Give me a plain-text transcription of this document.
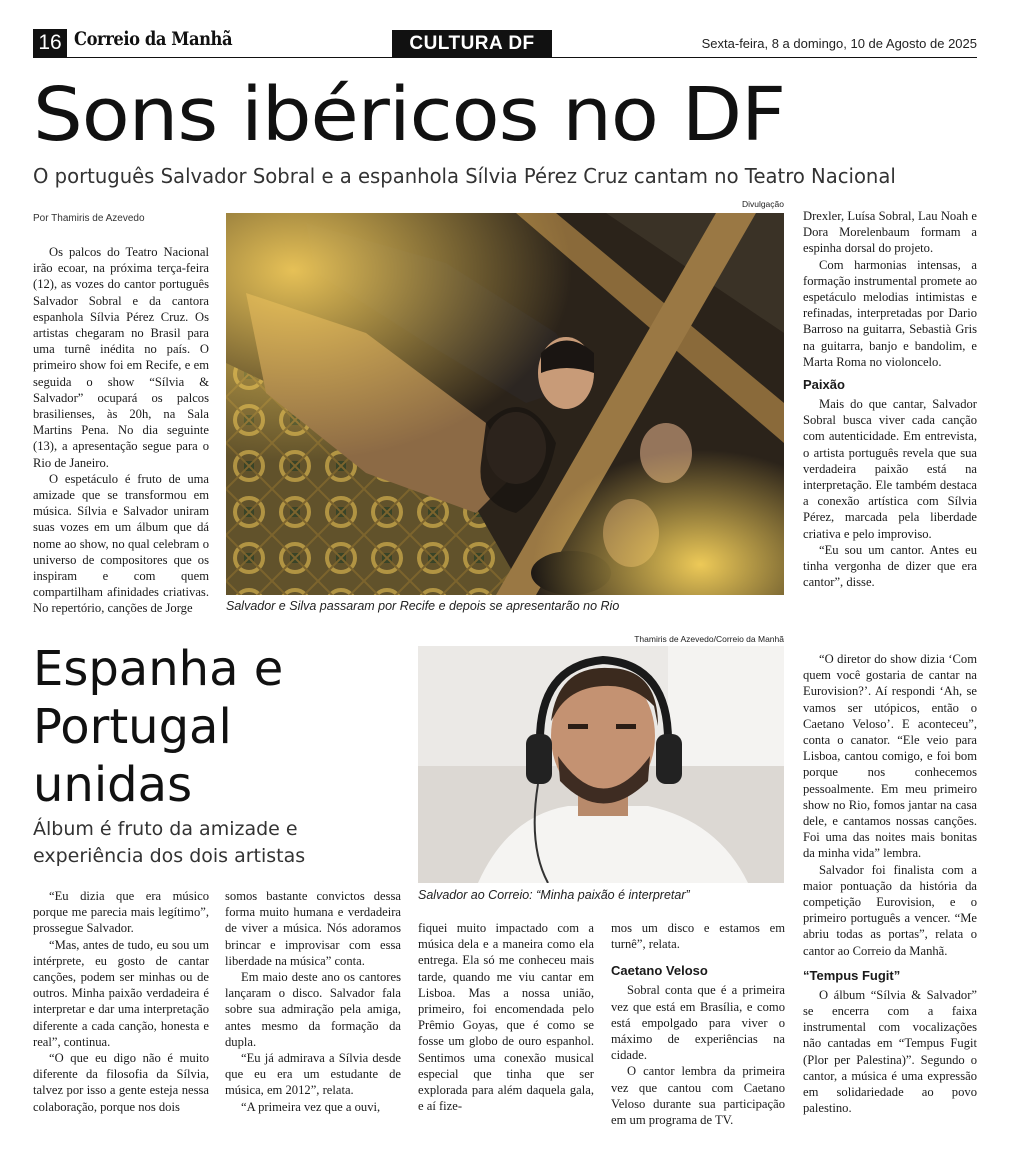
16 Correio da Manhã	CULTURA DF	Sexta-feira, 8 a domingo, 10 de Agosto de 2025
Sons ibéricos no DF
O português Salvador Sobral e a espanhola Sílvia Pérez Cruz cantam no Teatro Nacional
Por Thamiris de Azevedo

Os palcos do Teatro Nacional irão ecoar, na próxima terça-feira (12), as vozes do cantor português Salvador Sobral e da cantora espanhola Sílvia Pérez Cruz. Os artistas chegaram no Brasil para uma turnê inédita no país. O primeiro show foi em Recife, e em seguida o show “Sílvia & Salvador” ocupará os palcos brasilienses, às 20h, na Sala Martins Pena. No dia seguinte (13), a apresentação segue para o Rio de Janeiro.

O espetáculo é fruto de uma amizade que se transformou em música. Sílvia e Salvador uniram suas vozes em um álbum que dá nome ao show, no qual celebram o universo de compositores que os inspiram e com quem compartilham afinidades criativas. No repertório, canções de Jorge

Divulgação
Salvador e Silva passaram por Recife e depois se apresentarão no Rio

Drexler, Luísa Sobral, Lau Noah e Dora Morelenbaum formam a espinha dorsal do projeto.

Com harmonias intensas, a formação instrumental promete ao espetáculo melodias intimistas e refinadas, interpretadas por Dario Barroso na guitarra, Sebastià Gris na guitarra, banjo e bandolim, e Marta Roma no violoncelo.

Paixão

Mais do que cantar, Salvador Sobral busca viver cada canção com autenticidade. Em entrevista, o artista português revela que sua verdadeira paixão está na interpretação. Ele também destaca a conexão artística com Sílvia Pérez, marcada pela liberdade criativa e pelo improviso.

“Eu sou um cantor. Antes eu tinha vergonha de dizer que era cantor”, disse.

Espanha e Portugal unidas
Álbum é fruto da amizade e experiência dos dois artistas
Thamiris de Azevedo/Correio da Manhã
Salvador ao Correio: “Minha paixão é interpretar”

“Eu dizia que era músico porque me parecia mais legítimo”, prossegue Salvador.

“Mas, antes de tudo, eu sou um intérprete, eu gosto de cantar canções, podem ser minhas ou de outros. Minha paixão verdadeira é interpretar e dar uma interpretação diferente a cada canção, honesta e real”, continua.

“O que eu digo não é muito diferente da filosofia da Sílvia, talvez por isso a gente esteja nessa colaboração, porque nos dois

somos bastante convictos dessa forma muito humana e verdadeira de viver a música. Nós adoramos brincar e improvisar com essa liberdade na música” conta.

Em maio deste ano os cantores lançaram o disco. Salvador fala sobre sua admiração pela amiga, antes mesmo da formação da dupla.

“Eu já admirava a Sílvia desde que eu era um estudante de música, em 2012”, relata.

“A primeira vez que a ouvi,

fiquei muito impactado com a música dela e a maneira como ela entrega. Ela só me conheceu mais tarde, quando me viu cantar em Lisboa. Mas a nossa união, primeiro, foi encomendada pelo Prêmio Goyas, que é como se fosse um globo de ouro espanhol. Sentimos uma conexão musical especial que tinha que ser explorada para além daquela gala, e aí fize-

mos um disco e estamos em turnê”, relata.

Caetano Veloso

Sobral conta que é a primeira vez que está em Brasília, e como está empolgado para viver o máximo de experiências na cidade.

O cantor lembra da primeira vez que cantou com Caetano Veloso durante sua participação em um programa de TV.

“O diretor do show dizia ‘Com quem você gostaria de cantar na Eurovision?’. Aí respondi ‘Ah, se vamos ser utópicos, então o Caetano Veloso’. E aconteceu”, conta o canator. “Ele veio para Lisboa, cantou comigo, e foi bom porque nos conhecemos pessoalmente. Em meu primeiro show no Rio, fomos jantar na casa dele, e cantamos nossas canções. Foi uma das noites mais bonitas da minha vida” lembra.

Salvador foi finalista com a maior pontuação da história da competição Eurovision, e o primeiro português a vencer. “Me abriu todas as portas”, relata o cantor ao Correio da Manhã.

“Tempus Fugit”

O álbum “Sílvia & Salvador” se encerra com a faixa instrumental com vocalizações não cantadas em “Tempus Fugit (Plor per Palestina)”. Segundo o cantor, a música é uma expressão em solidariedade ao povo palestino.
